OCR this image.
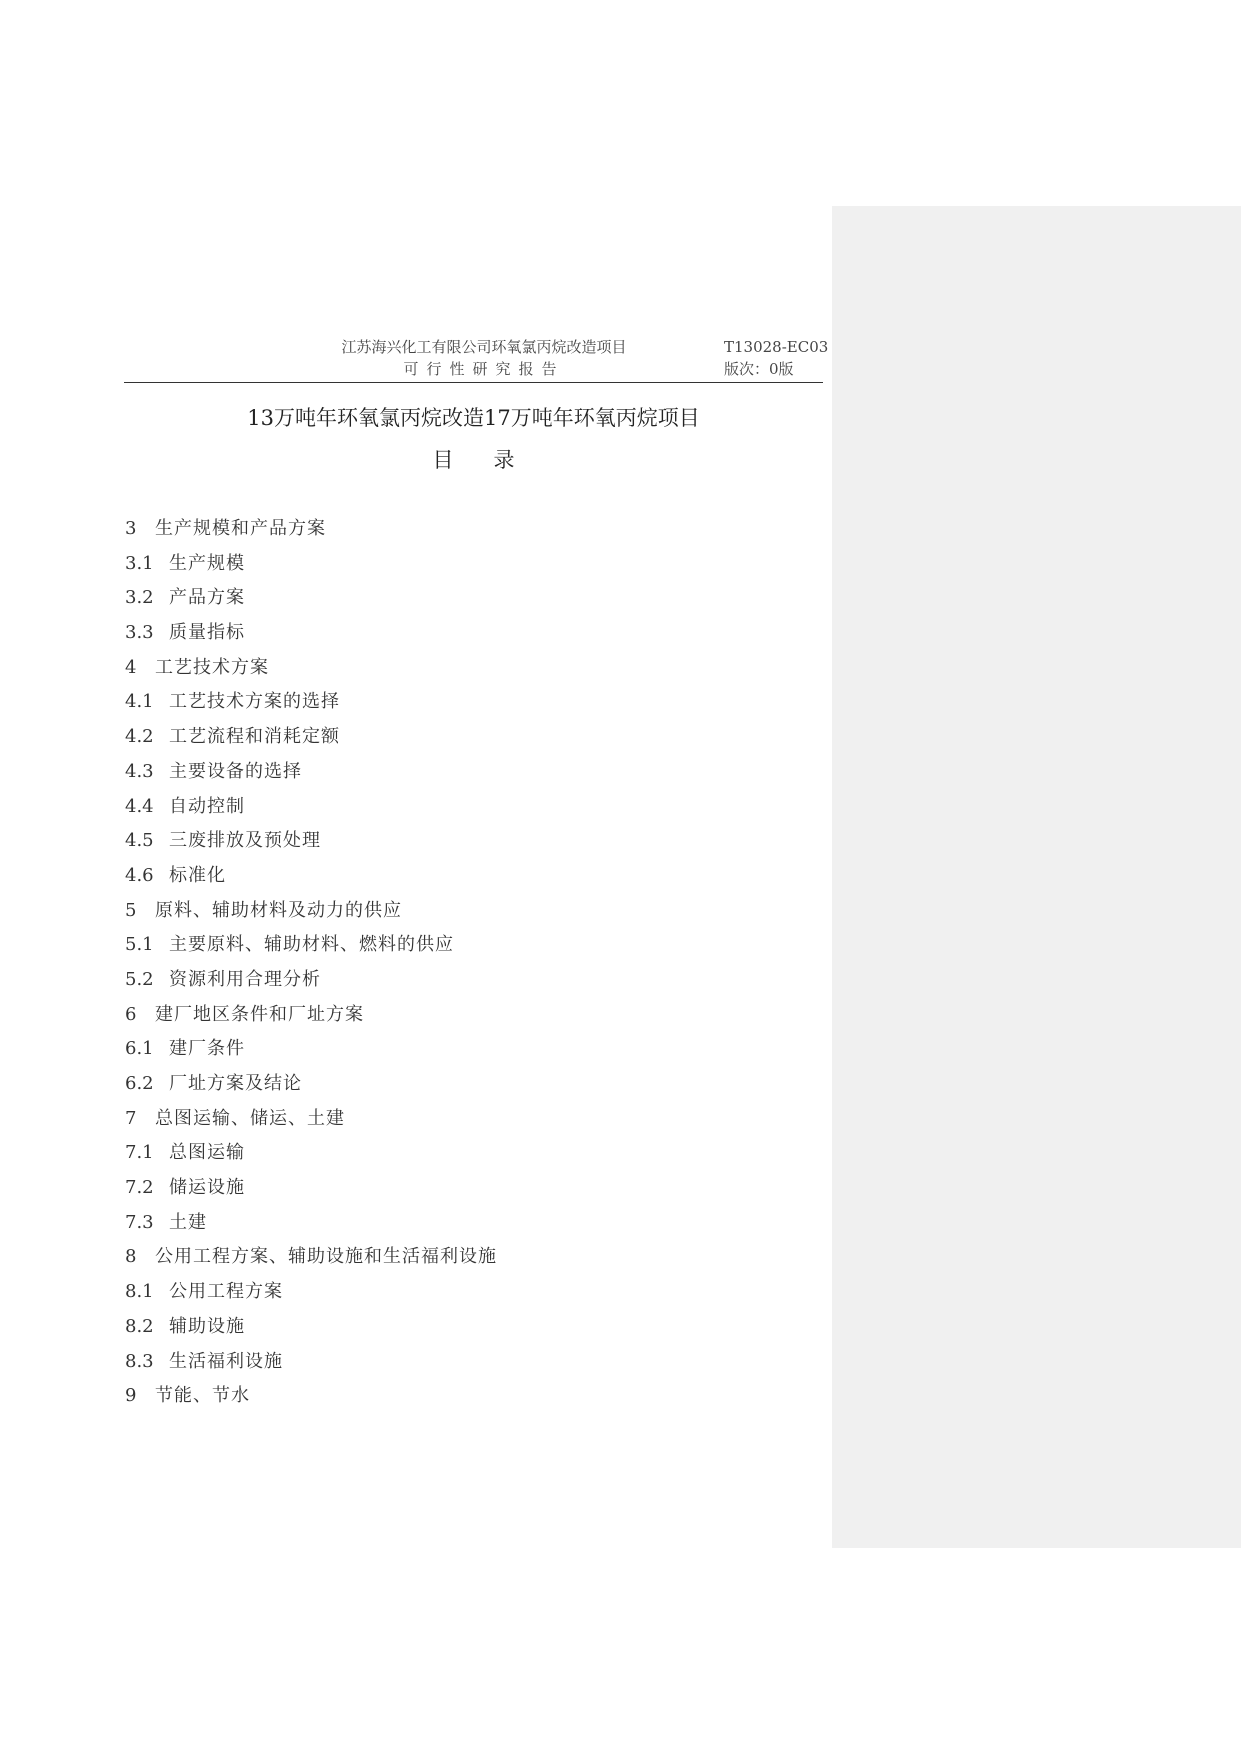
江苏海兴化工有限公司环氧氯丙烷改造项目
可行性研究报告
T13028-EC03
版次：0版
13万吨年环氧氯丙烷改造17万吨年环氧丙烷项目
目录
3 生产规模和产品方案
3.1 生产规模
3.2 产品方案
3.3 质量指标
4 工艺技术方案
4.1 工艺技术方案的选择
4.2 工艺流程和消耗定额
4.3 主要设备的选择
4.4 自动控制
4.5 三废排放及预处理
4.6 标准化
5 原料、辅助材料及动力的供应
5.1 主要原料、辅助材料、燃料的供应
5.2 资源利用合理分析
6 建厂地区条件和厂址方案
6.1 建厂条件
6.2 厂址方案及结论
7 总图运输、储运、土建
7.1 总图运输
7.2 储运设施
7.3 土建
8 公用工程方案、辅助设施和生活福利设施
8.1 公用工程方案
8.2 辅助设施
8.3 生活福利设施
9 节能、节水
